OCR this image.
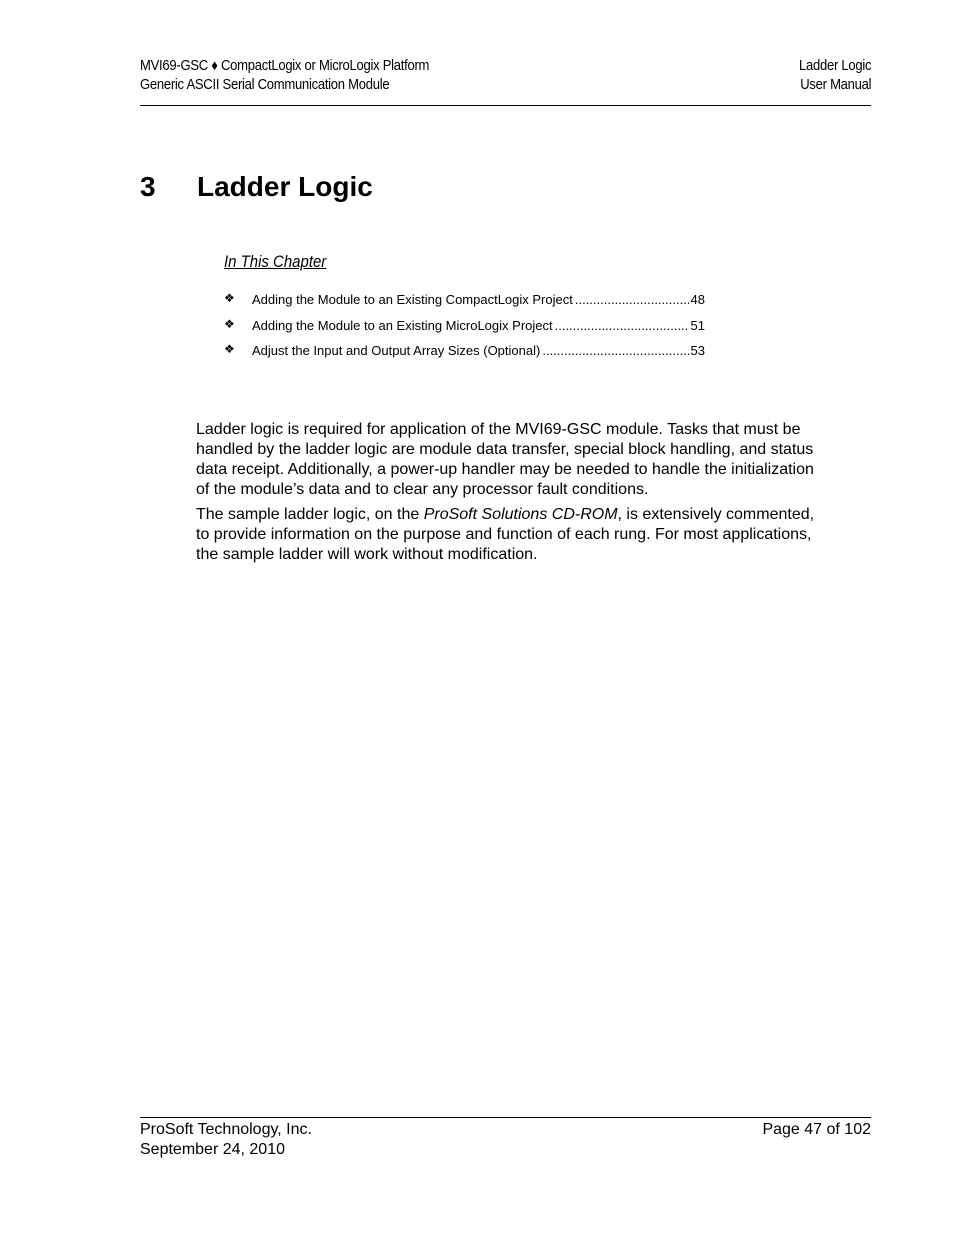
MVI69-GSC ♦ CompactLogix or MicroLogix Platform
Generic ASCII Serial Communication Module
Ladder Logic
User Manual
3 Ladder Logic
In This Chapter
❖ Adding the Module to an Existing CompactLogix Project .....	48
❖ Adding the Module to an Existing MicroLogix Project .....	51
❖ Adjust the Input and Output Array Sizes (Optional) .....	53

Ladder logic is required for application of the MVI69-GSC module. Tasks that must be handled by the ladder logic are module data transfer, special block handling, and status data receipt. Additionally, a power-up handler may be needed to handle the initialization of the module’s data and to clear any processor fault conditions.

The sample ladder logic, on the ProSoft Solutions CD-ROM, is extensively commented, to provide information on the purpose and function of each rung. For most applications, the sample ladder will work without modification.

ProSoft Technology, Inc.
September 24, 2010
Page 47 of 102
